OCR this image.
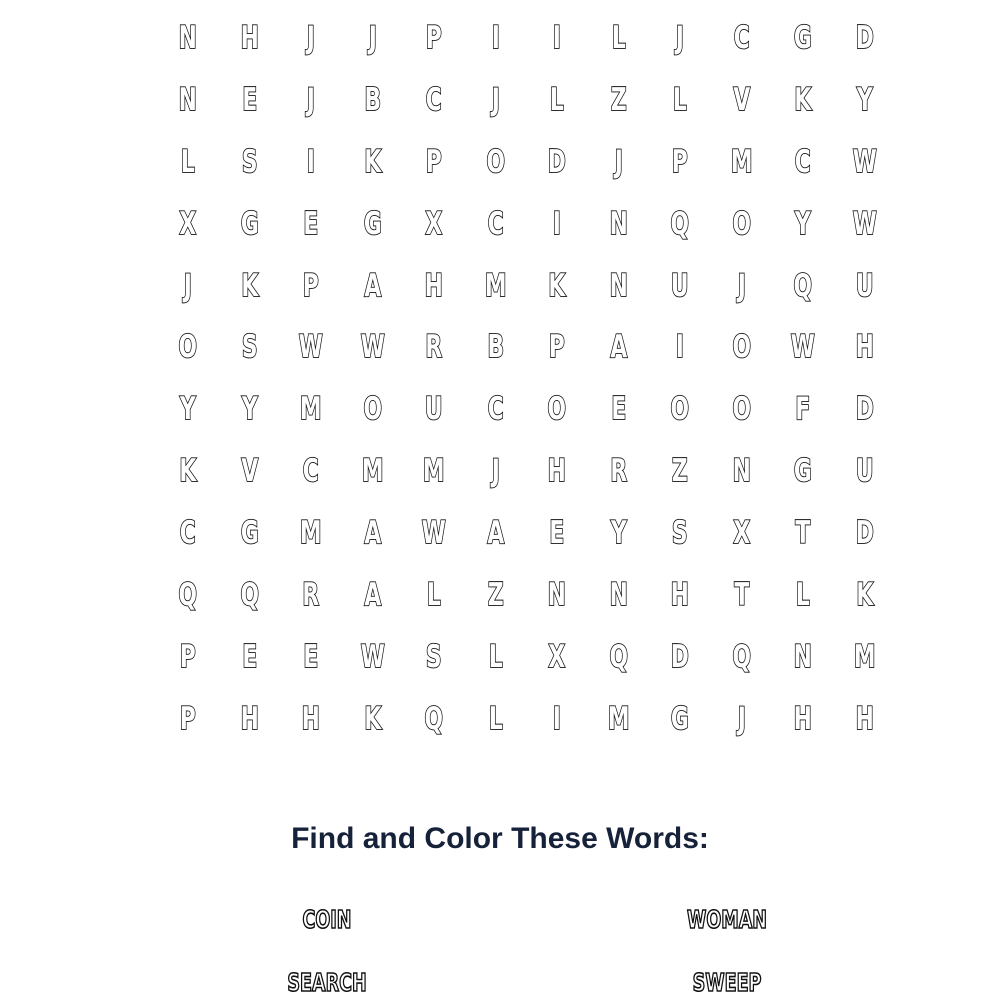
N	H	J	J	P	I	I	L	J	C	G	D
N	E	J	B	C	J	L	Z	L	V	K	Y
L	S	I	K	P	O	D	J	P	M	C	W
X	G	E	G	X	C	I	N	Q	O	Y	W
J	K	P	A	H	M	K	N	U	J	Q	U
O	S	W	W	R	B	P	A	I	O	W	H
Y	Y	M	O	U	C	O	E	O	O	F	D
K	V	C	M	M	J	H	R	Z	N	G	U
C	G	M	A	W	A	E	Y	S	X	T	D
Q	Q	R	A	L	Z	N	N	H	T	L	K
P	E	E	W	S	L	X	Q	D	Q	N	M
P	H	H	K	Q	L	I	M	G	J	H	H
Find and Color These Words:
COIN	WOMAN
SEARCH	SWEEP
